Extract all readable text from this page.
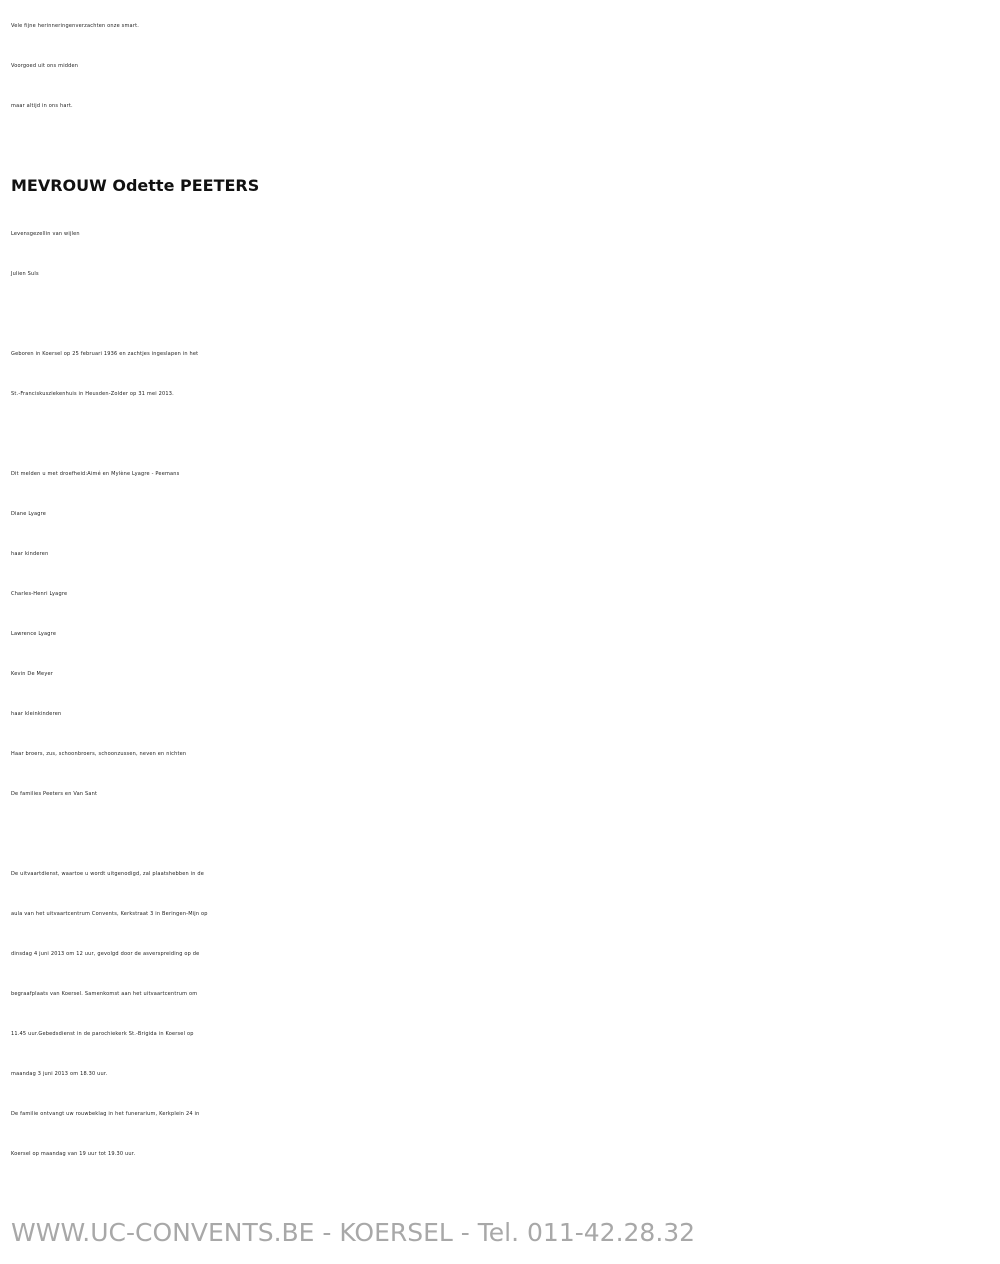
Vele fijne herinneringenverzachten onze smart.
Voorgoed uit ons midden
maar altijd in ons hart.
MEVROUW Odette PEETERS
Levensgezellin van wijlen
Julien Suls
Geboren in Koersel op 25 februari 1936 en zachtjes ingeslapen in het
St.-Franciskusziekenhuis in Heusden-Zolder op 31 mei 2013.
Dit melden u met droefheid:Aimé en Mylène Lyagre - Peemans
Diane Lyagre
haar kinderen
Charles-Henri Lyagre
Lawrence Lyagre
Kevin De Meyer
haar kleinkinderen
Haar broers, zus, schoonbroers, schoonzussen, neven en nichten
De families Peeters en Van Sant
De uitvaartdienst, waartoe u wordt uitgenodigd, zal plaatshebben in de
aula van het uitvaartcentrum Convents, Kerkstraat 3 in Beringen-Mijn op
dinsdag 4 juni 2013 om 12 uur, gevolgd door de asverspreiding op de
begraafplaats van Koersel. Samenkomst aan het uitvaartcentrum om
11.45 uur.Gebedsdienst in de parochiekerk St.-Brigida in Koersel op
maandag 3 juni 2013 om 18.30 uur.
De familie ontvangt uw rouwbeklag in het funerarium, Kerkplein 24 in
Koersel op maandag van 19 uur tot 19.30 uur.
WWW.UC-CONVENTS.BE - KOERSEL - Tel. 011-42.28.32
